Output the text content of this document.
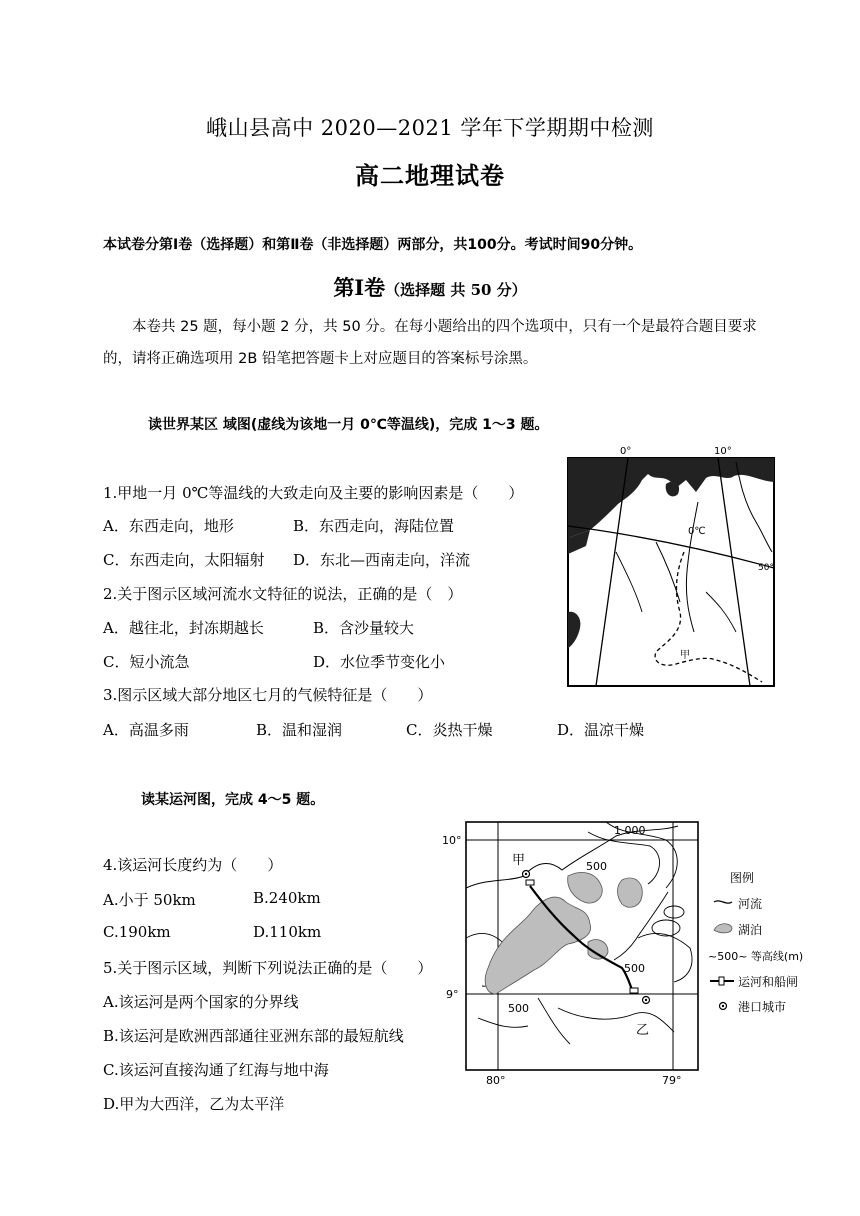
峨山县高中 2020—2021 学年下学期期中检测
高二地理试卷
本试卷分第Ⅰ卷（选择题）和第Ⅱ卷（非选择题）两部分，共100分。考试时间90分钟。
第Ⅰ卷（选择题 共 50 分）
本卷共 25 题，每小题 2 分，共 50 分。在每小题给出的四个选项中，只有一个是最符合题目要求的，请将正确选项用 2B 铅笔把答题卡上对应题目的答案标号涂黑。
读世界某区 域图(虚线为该地一月 0℃等温线)，完成 1～3 题。
1.甲地一月 0℃等温线的大致走向及主要的影响因素是（　　）
A．东西走向，地形	B．东西走向，海陆位置
C．东西走向，太阳辐射 D．东北—西南走向，洋流
2.关于图示区域河流水文特征的说法，正确的是（　）
A．越往北，封冻期越长	B．含沙量较大
C．短小流急	D．水位季节变化小
3.图示区域大部分地区七月的气候特征是（　　）
A．高温多雨	B．温和湿润	C．炎热干燥	D．温凉干燥
0°	10°
50°
0℃
甲
读某运河图，完成 4～5 题。
4.该运河长度约为（　　）
A.小于 50km	B.240km
C.190km	D.110km
5.关于图示区域，判断下列说法正确的是（　　）
A.该运河是两个国家的分界线
B.该运河是欧洲西部通往亚洲东部的最短航线
C.该运河直接沟通了红海与地中海
D.甲为大西洋，乙为太平洋
10°
9°
80°	79°
1 000
500
500
500
甲
乙
图例
河流
湖泊
~500~ 等高线(m)
运河和船闸
港口城市
